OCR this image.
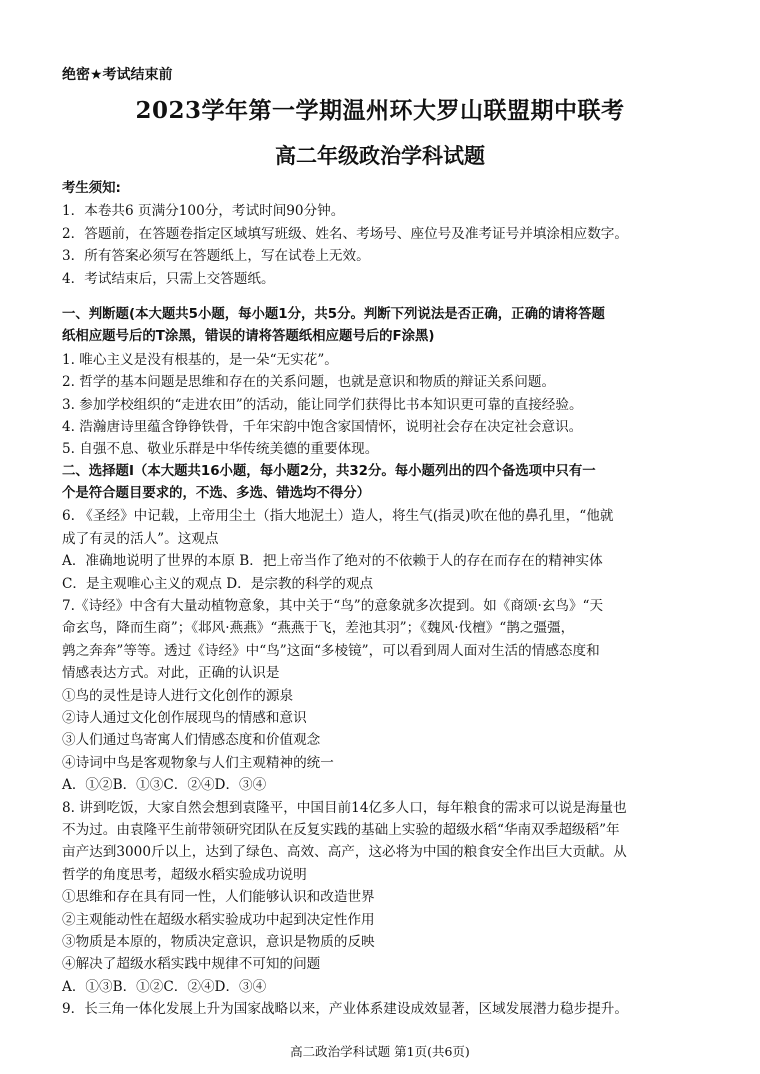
绝密★考试结束前
2023学年第一学期温州环大罗山联盟期中联考
高二年级政治学科试题
考生须知:
1．本卷共6 页满分100分，考试时间90分钟。
2．答题前，在答题卷指定区域填写班级、姓名、考场号、座位号及准考证号并填涂相应数字。
3．所有答案必须写在答题纸上，写在试卷上无效。
4．考试结束后，只需上交答题纸。
一、判断题(本大题共5小题，每小题1分，共5分。判断下列说法是否正确，正确的请将答题
纸相应题号后的T涂黑，错误的请将答题纸相应题号后的F涂黑)
1. 唯心主义是没有根基的，是一朵“无实花”。
2. 哲学的基本问题是思维和存在的关系问题，也就是意识和物质的辩证关系问题。
3. 参加学校组织的“走进农田”的活动，能让同学们获得比书本知识更可靠的直接经验。
4. 浩瀚唐诗里蕴含铮铮铁骨，千年宋韵中饱含家国情怀，说明社会存在决定社会意识。
5. 自强不息、敬业乐群是中华传统美德的重要体现。
二、选择题Ⅰ（本大题共16小题，每小题2分，共32分。每小题列出的四个备选项中只有一
个是符合题目要求的，不选、多选、错选均不得分）
6. 《圣经》中记载，上帝用尘土（指大地泥土）造人，将生气(指灵)吹在他的鼻孔里，“他就
成了有灵的活人”。这观点
A．准确地说明了世界的本原 B．把上帝当作了绝对的不依赖于人的存在而存在的精神实体
C．是主观唯心主义的观点 D．是宗教的科学的观点
7.《诗经》中含有大量动植物意象，其中关于“鸟”的意象就多次提到。如《商颂·玄鸟》“天
命玄鸟，降而生商”；《邶风·燕燕》“燕燕于飞，差池其羽”；《魏风·伐檀》“鹊之彊彊，
鹑之奔奔”等等。透过《诗经》中“鸟”这面“多棱镜”，可以看到周人面对生活的情感态度和
情感表达方式。对此，正确的认识是
①鸟的灵性是诗人进行文化创作的源泉
②诗人通过文化创作展现鸟的情感和意识
③人们通过鸟寄寓人们情感态度和价值观念
④诗词中鸟是客观物象与人们主观精神的统一
A．①②B．①③C．②④D．③④
8. 讲到吃饭，大家自然会想到袁隆平，中国目前14亿多人口，每年粮食的需求可以说是海量也
不为过。由袁隆平生前带领研究团队在反复实践的基础上实验的超级水稻“华南双季超级稻”年
亩产达到3000斤以上，达到了绿色、高效、高产，这必将为中国的粮食安全作出巨大贡献。从
哲学的角度思考，超级水稻实验成功说明
①思维和存在具有同一性，人们能够认识和改造世界
②主观能动性在超级水稻实验成功中起到决定性作用
③物质是本原的，物质决定意识，意识是物质的反映
④解决了超级水稻实践中规律不可知的问题
A．①③B．①②C．②④D．③④
9．长三角一体化发展上升为国家战略以来，产业体系建设成效显著，区域发展潜力稳步提升。
高二政治学科试题 第1页(共6页)
